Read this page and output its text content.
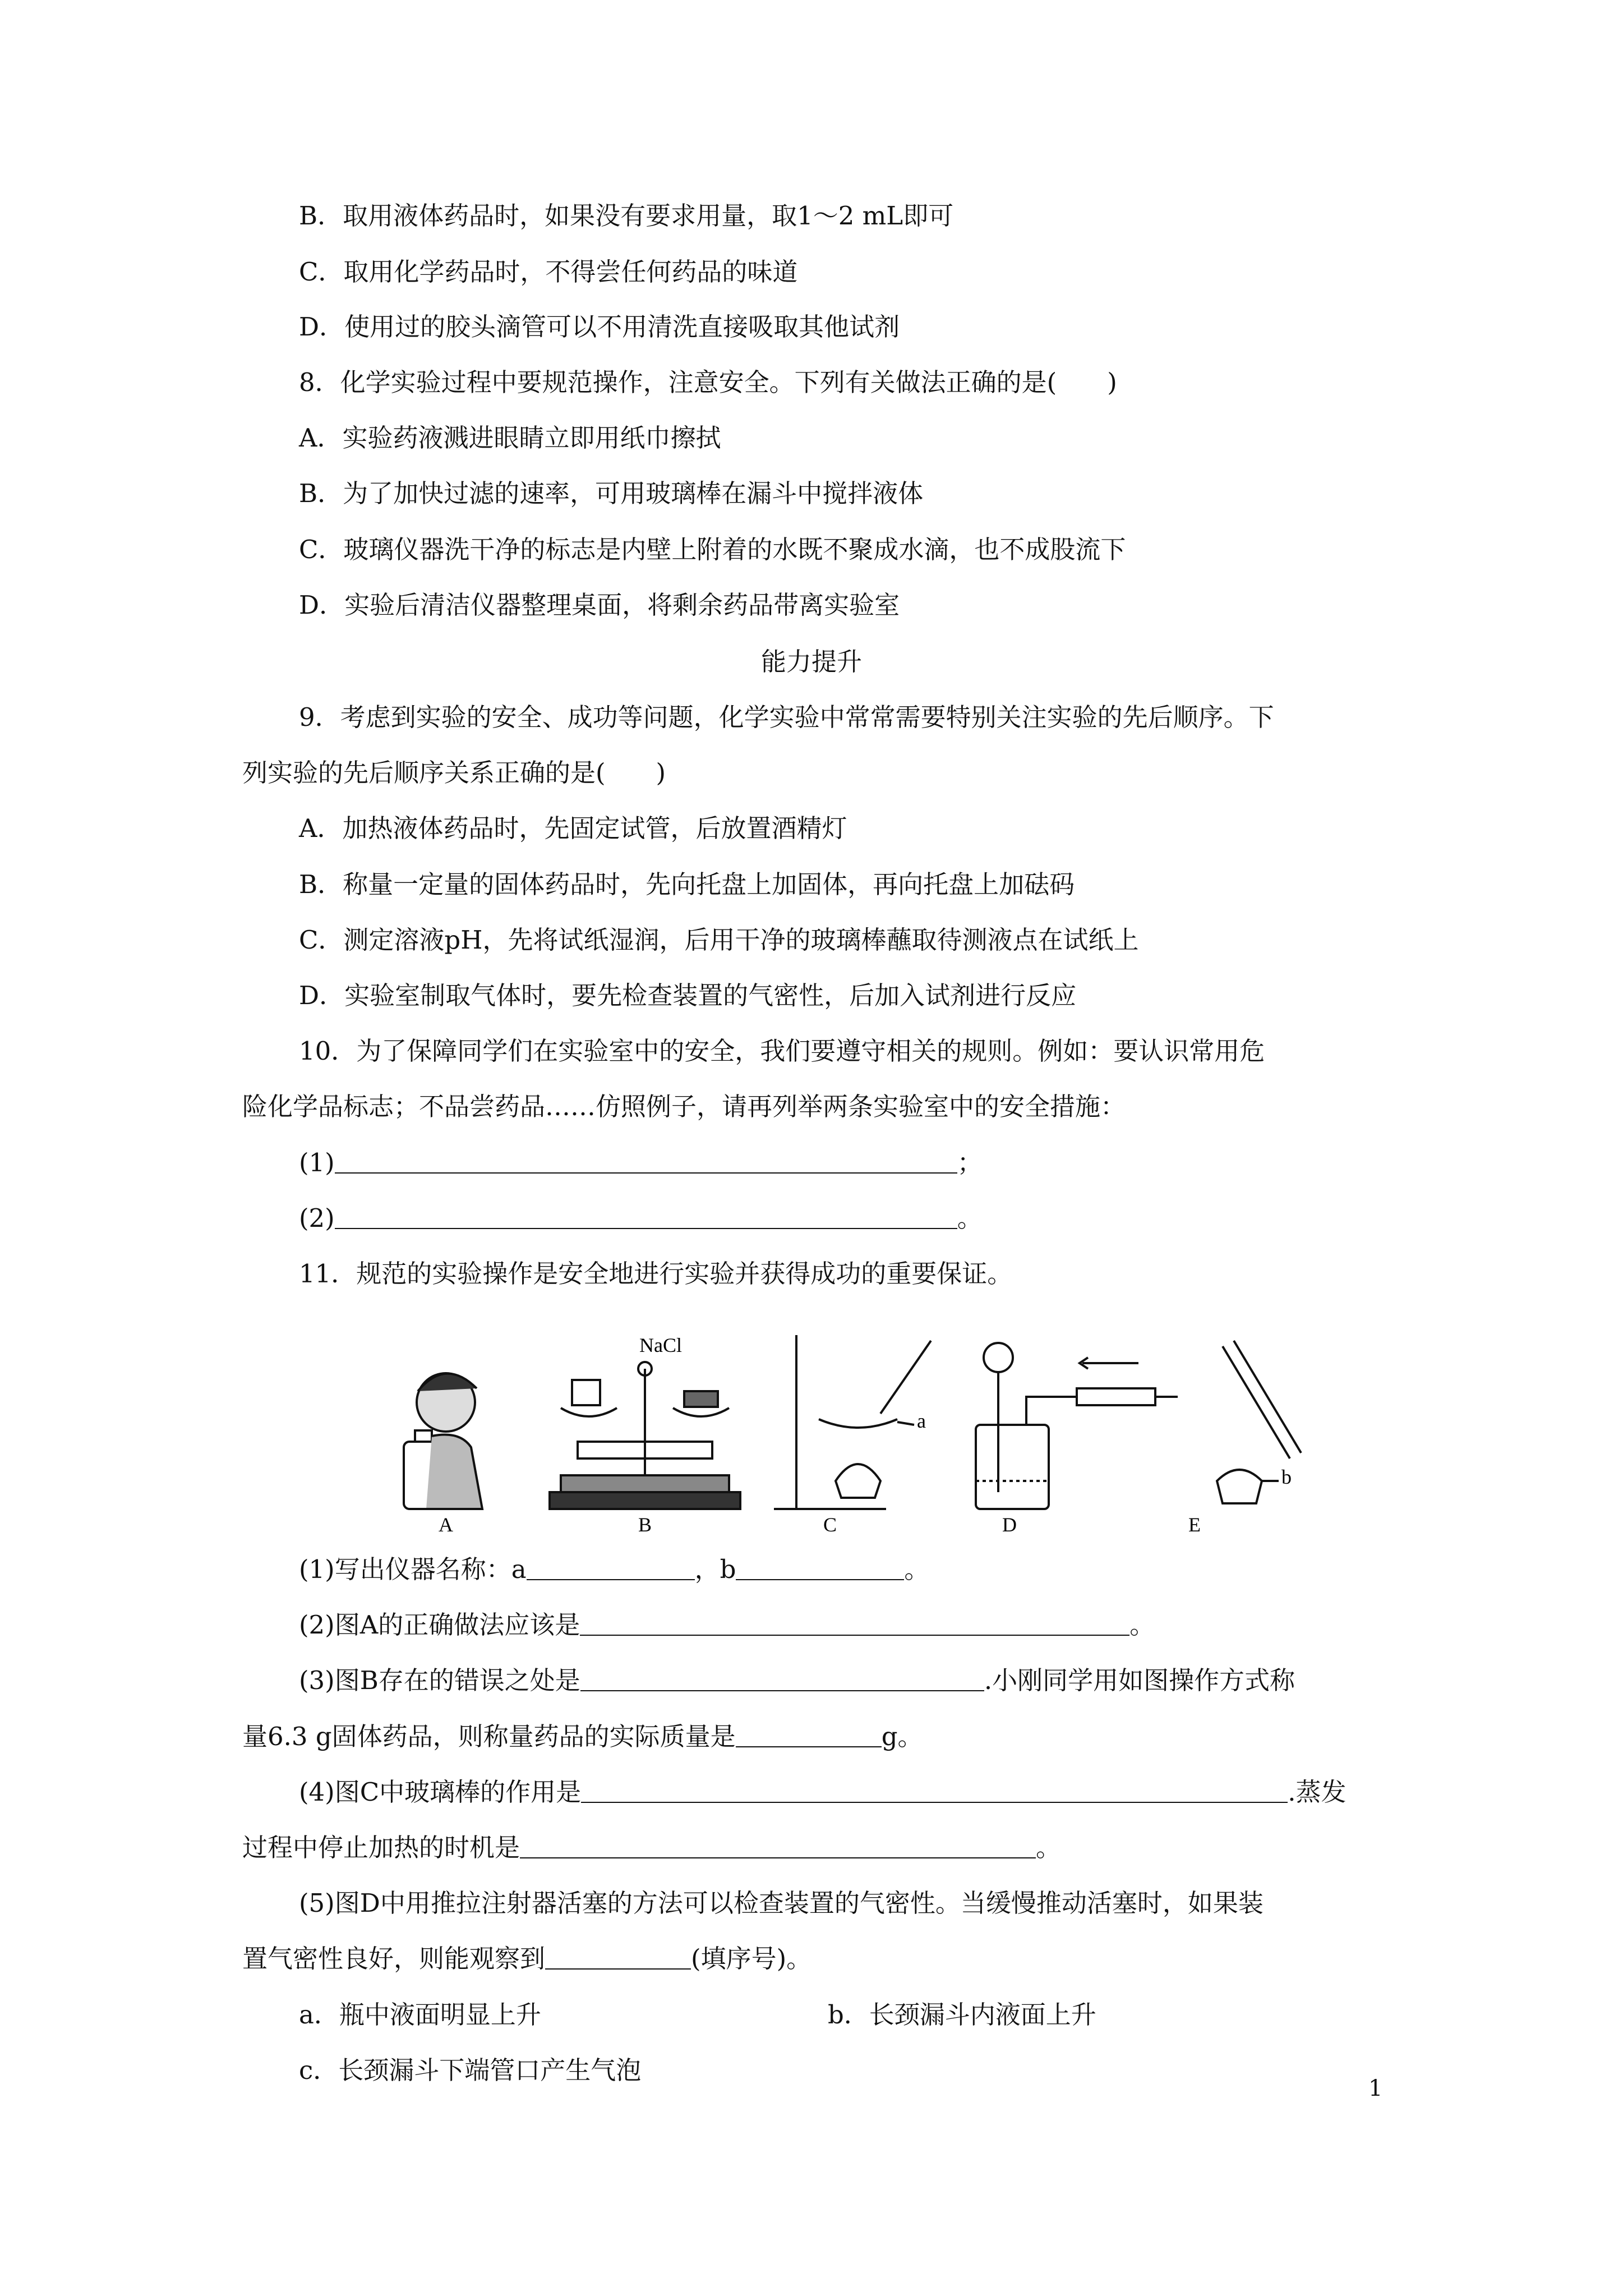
B．取用液体药品时，如果没有要求用量，取1～2 mL即可
C．取用化学药品时，不得尝任何药品的味道
D．使用过的胶头滴管可以不用清洗直接吸取其他试剂
8．化学实验过程中要规范操作，注意安全。下列有关做法正确的是(　　)
A．实验药液溅进眼睛立即用纸巾擦拭
B．为了加快过滤的速率，可用玻璃棒在漏斗中搅拌液体
C．玻璃仪器洗干净的标志是内壁上附着的水既不聚成水滴，也不成股流下
D．实验后清洁仪器整理桌面，将剩余药品带离实验室
能力提升
9．考虑到实验的安全、成功等问题，化学实验中常常需要特别关注实验的先后顺序。下
列实验的先后顺序关系正确的是(　　)
A．加热液体药品时，先固定试管，后放置酒精灯
B．称量一定量的固体药品时，先向托盘上加固体，再向托盘上加砝码
C．测定溶液pH，先将试纸湿润，后用干净的玻璃棒蘸取待测液点在试纸上
D．实验室制取气体时，要先检查装置的气密性，后加入试剂进行反应
10．为了保障同学们在实验室中的安全，我们要遵守相关的规则。例如：要认识常用危
险化学品标志；不品尝药品……仿照例子，请再列举两条实验室中的安全措施：
(1)	；
(2)	。
11．规范的实验操作是安全地进行实验并获得成功的重要保证。
NaCl
a
b
A	B	C	D	E
(1)写出仪器名称：a	，b	。
(2)图A的正确做法应该是	。
(3)图B存在的错误之处是	.小刚同学用如图操作方式称
量6.3 g固体药品，则称量药品的实际质量是	g。
(4)图C中玻璃棒的作用是	.蒸发
过程中停止加热的时机是	。
(5)图D中用推拉注射器活塞的方法可以检查装置的气密性。当缓慢推动活塞时，如果装
置气密性良好，则能观察到	(填序号)。
a．瓶中液面明显上升	b．长颈漏斗内液面上升
c．长颈漏斗下端管口产生气泡
1
